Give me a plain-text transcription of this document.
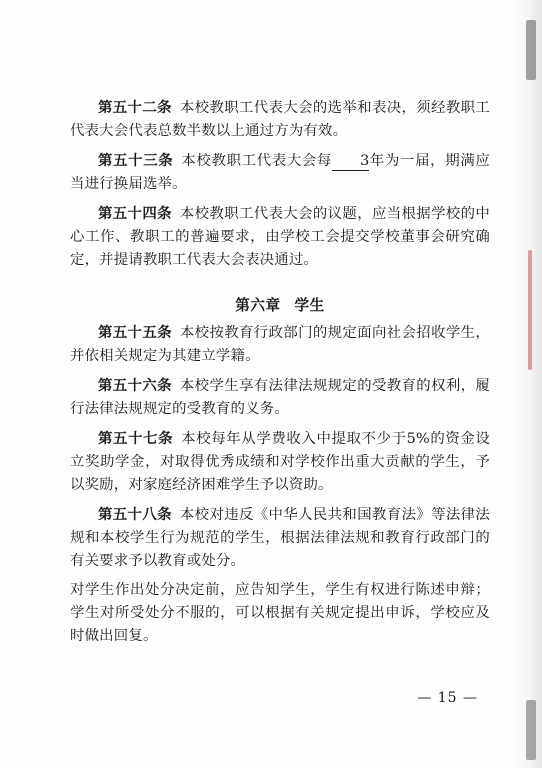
第五十二条 本校教职工代表大会的选举和表决，须经教职工代表大会代表总数半数以上通过方为有效。

第五十三条 本校教职工代表大会每 3年为一届，期满应当进行换届选举。

第五十四条 本校教职工代表大会的议题，应当根据学校的中心工作、教职工的普遍要求，由学校工会提交学校董事会研究确定，并提请教职工代表大会表决通过。

第六章 学生

第五十五条 本校按教育行政部门的规定面向社会招收学生，并依相关规定为其建立学籍。

第五十六条 本校学生享有法律法规规定的受教育的权利，履行法律法规规定的受教育的义务。

第五十七条 本校每年从学费收入中提取不少于5%的资金设立奖助学金，对取得优秀成绩和对学校作出重大贡献的学生，予以奖励，对家庭经济困难学生予以资助。

第五十八条 本校对违反《中华人民共和国教育法》等法律法规和本校学生行为规范的学生，根据法律法规和教育行政部门的有关要求予以教育或处分。

对学生作出处分决定前，应告知学生，学生有权进行陈述申辩；学生对所受处分不服的，可以根据有关规定提出申诉，学校应及时做出回复。

— 15 —
